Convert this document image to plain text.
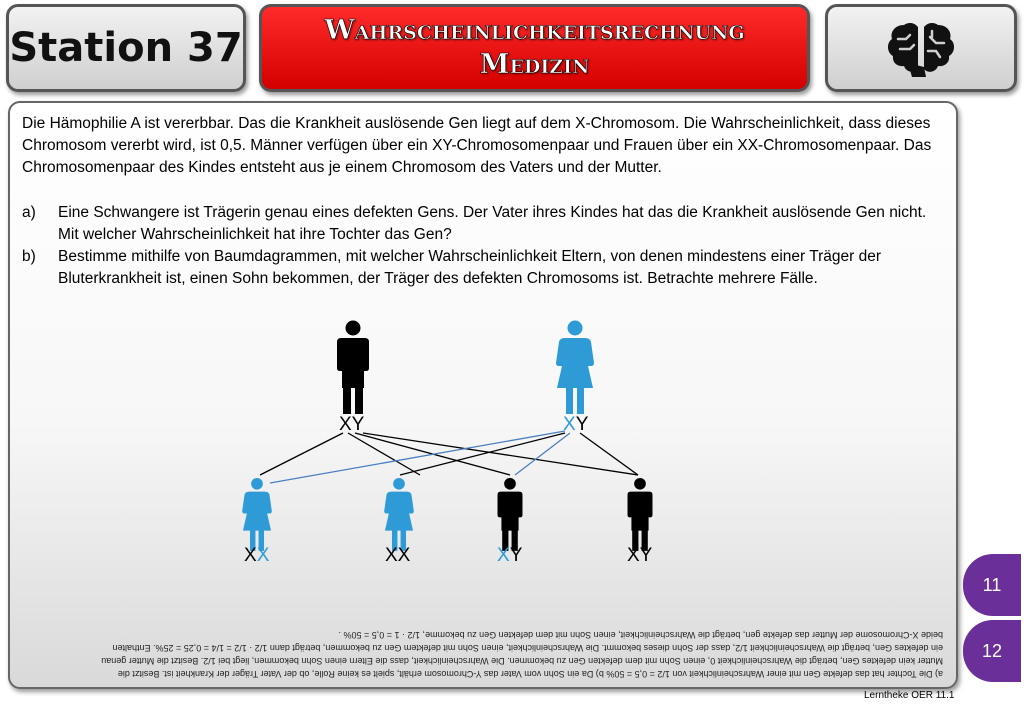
Station 37	Wahrscheinlichkeitsrechnung
Medizin
Die Hämophilie A ist vererbbar. Das die Krankheit auslösende Gen liegt auf dem X-Chromosom. Die Wahrscheinlichkeit, dass dieses Chromosom vererbt wird, ist 0,5. Männer verfügen über ein XY-Chromosomenpaar und Frauen über ein XX-Chromosomenpaar. Das Chromosomenpaar des Kindes entsteht aus je einem Chromosom des Vaters und der Mutter.
a) Eine Schwangere ist Trägerin genau eines defekten Gens. Der Vater ihres Kindes hat das die Krankheit auslösende Gen nicht. Mit welcher Wahrscheinlichkeit hat ihre Tochter das Gen?
b) Bestimme mithilfe von Baumdagrammen, mit welcher Wahrscheinlichkeit Eltern, von denen mindestens einer Träger der Bluterkrankheit ist, einen Sohn bekommen, der Träger des defekten Chromosoms ist. Betrachte mehrere Fälle.
XY	XY
XX	XX	XY	XY
a) Die Tochter hat das defekte Gen mit einer Wahrscheinlichkeit von 1/2 = 0,5 = 50% b) Da ein Sohn vom Vater das Y-Chromosom erhält, spielt es keine Rolle, ob der Vater Träger der Krankheit ist. Besitzt die
Mutter kein defektes Gen, beträgt die Wahrscheinlichkeit 0, einen Sohn mit dem defekten Gen zu bekommen. Die Wahrscheinlichkeit, dass die Eltern einen Sohn bekommen, liegt bei 1/2. Besitzt die Mutter genau
ein defektes Gen, beträgt die Wahrscheinlichkeit 1/2, dass der Sohn dieses bekommt. Die Wahrscheinlichkeit, einen Sohn mit defektem Gen zu bekommen, beträgt dann 1/2 · 1/2 = 1/4 = 0,25 = 25%. Enthalten
beide X-Chromosome der Mutter das defekte gen, beträgt die Wahrscheinlichkeit, einen Sohn mit dem defekten Gen zu bekomme, 1/2 · 1 = 0,5 = 50% .
11
12
Lerntheke OER 11.1
